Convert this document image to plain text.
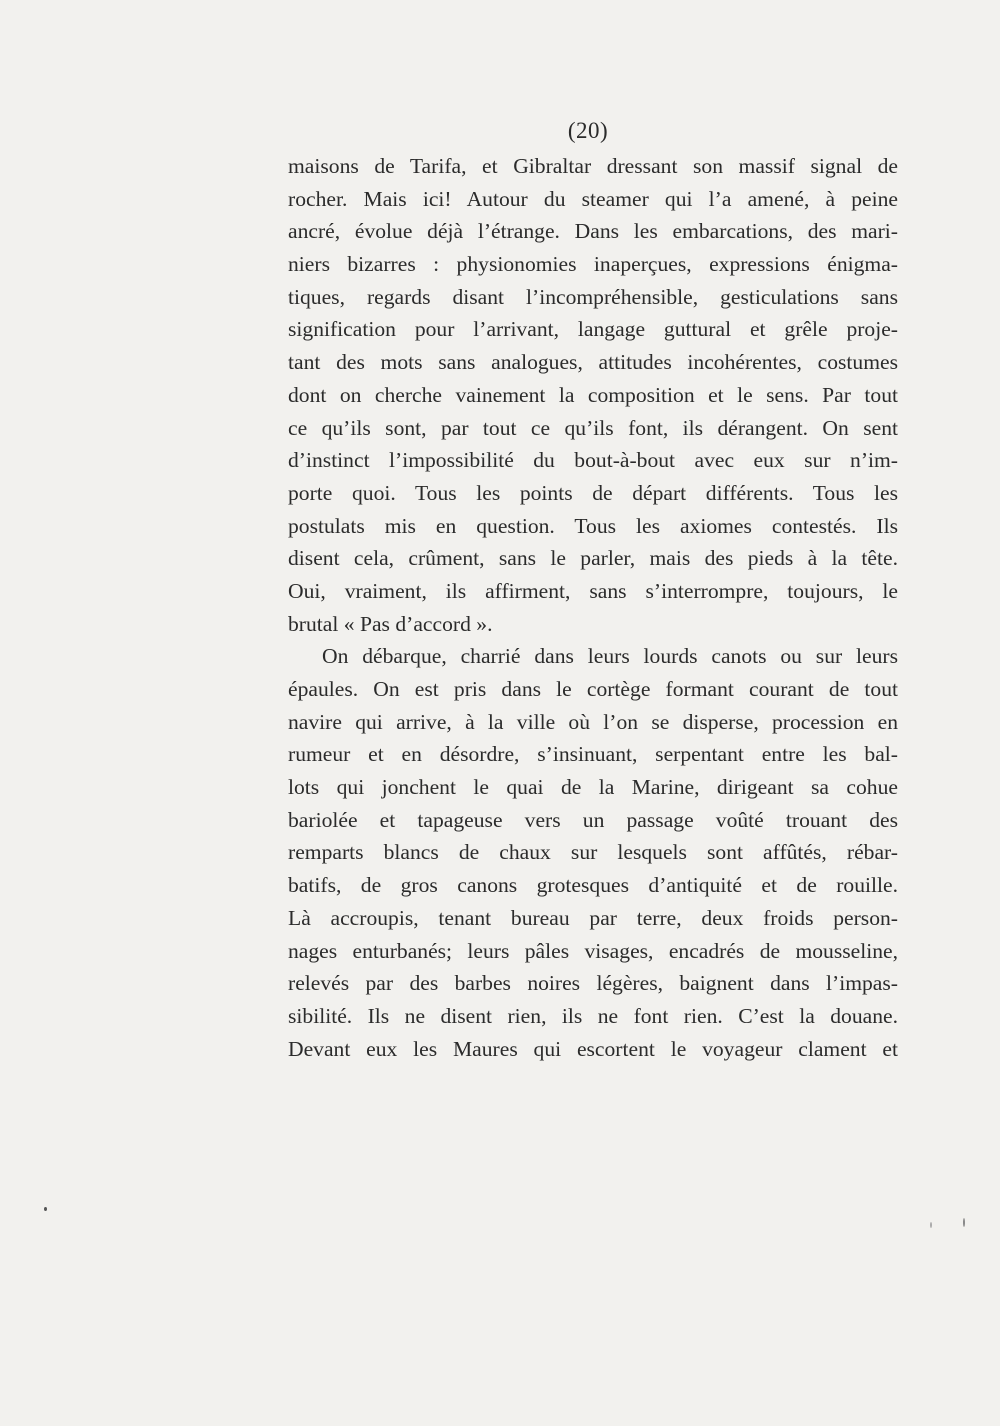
(20)
maisons de Tarifa, et Gibraltar dressant son massif signal de
rocher. Mais ici! Autour du steamer qui l’a amené, à peine
ancré, évolue déjà l’étrange. Dans les embarcations, des mari-
niers bizarres : physionomies inaperçues, expressions énigma-
tiques, regards disant l’incompréhensible, gesticulations sans
signification pour l’arrivant, langage guttural et grêle proje-
tant des mots sans analogues, attitudes incohérentes, costumes
dont on cherche vainement la composition et le sens. Par tout
ce qu’ils sont, par tout ce qu’ils font, ils dérangent. On sent
d’instinct l’impossibilité du bout-à-bout avec eux sur n’im-
porte quoi. Tous les points de départ différents. Tous les
postulats mis en question. Tous les axiomes contestés. Ils
disent cela, crûment, sans le parler, mais des pieds à la tête.
Oui, vraiment, ils affirment, sans s’interrompre, toujours, le
brutal « Pas d’accord ».
On débarque, charrié dans leurs lourds canots ou sur leurs
épaules. On est pris dans le cortège formant courant de tout
navire qui arrive, à la ville où l’on se disperse, procession en
rumeur et en désordre, s’insinuant, serpentant entre les bal-
lots qui jonchent le quai de la Marine, dirigeant sa cohue
bariolée et tapageuse vers un passage voûté trouant des
remparts blancs de chaux sur lesquels sont affûtés, rébar-
batifs, de gros canons grotesques d’antiquité et de rouille.
Là accroupis, tenant bureau par terre, deux froids person-
nages enturbanés; leurs pâles visages, encadrés de mousseline,
relevés par des barbes noires légères, baignent dans l’impas-
sibilité. Ils ne disent rien, ils ne font rien. C’est la douane.
Devant eux les Maures qui escortent le voyageur clament et
